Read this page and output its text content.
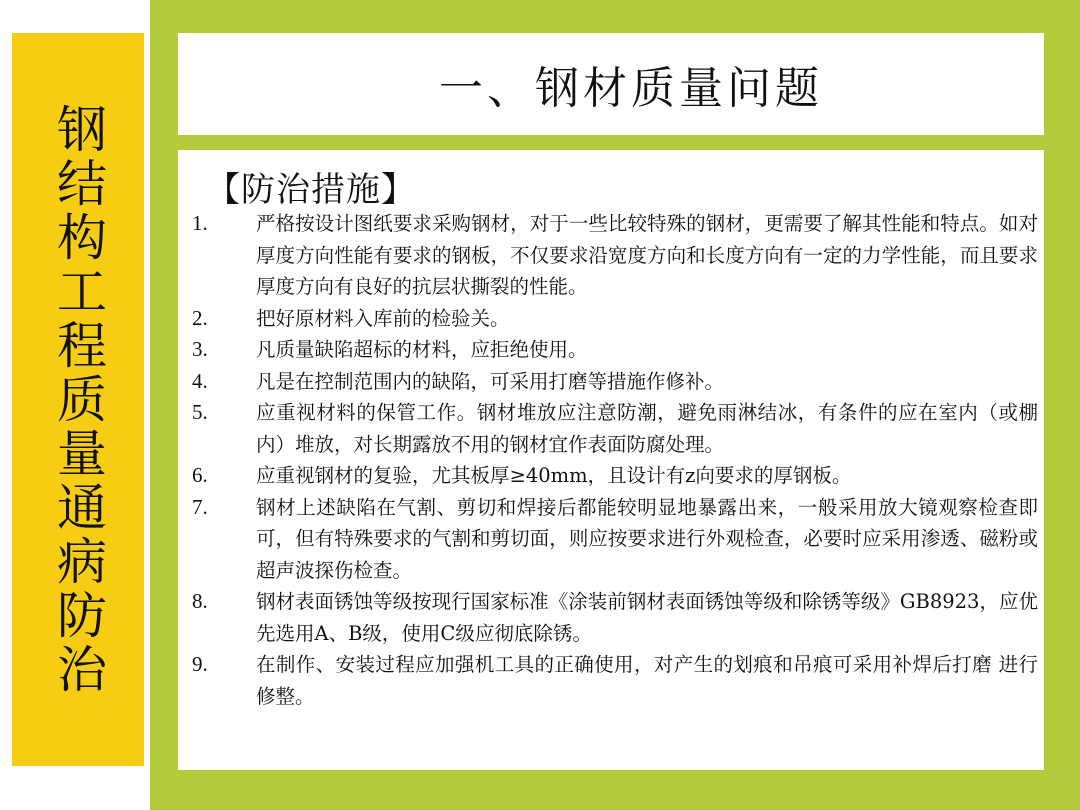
钢结构工程质量通病防治
一、钢材质量问题
【防治措施】
1.	严格按设计图纸要求采购钢材，对于一些比较特殊的钢材，更需要了解其性能和特点。如对厚度方向性能有要求的钢板，不仅要求沿宽度方向和长度方向有一定的力学性能，而且要求厚度方向有良好的抗层状撕裂的性能。
2.	把好原材料入库前的检验关。
3.	凡质量缺陷超标的材料，应拒绝使用。
4.	凡是在控制范围内的缺陷，可采用打磨等措施作修补。
5.	应重视材料的保管工作。钢材堆放应注意防潮，避免雨淋结冰，有条件的应在室内（或棚内）堆放，对长期露放不用的钢材宜作表面防腐处理。
6.	应重视钢材的复验，尤其板厚≥40mm，且设计有z向要求的厚钢板。
7.	钢材上述缺陷在气割、剪切和焊接后都能较明显地暴露出来，一般采用放大镜观察检查即可，但有特殊要求的气割和剪切面，则应按要求进行外观检查，必要时应采用渗透、磁粉或超声波探伤检查。
8.	钢材表面锈蚀等级按现行国家标准《涂装前钢材表面锈蚀等级和除锈等级》GB8923，应优先选用A、B级，使用C级应彻底除锈。
9.	在制作、安装过程应加强机工具的正确使用，对产生的划痕和吊痕可采用补焊后打磨 进行修整。
